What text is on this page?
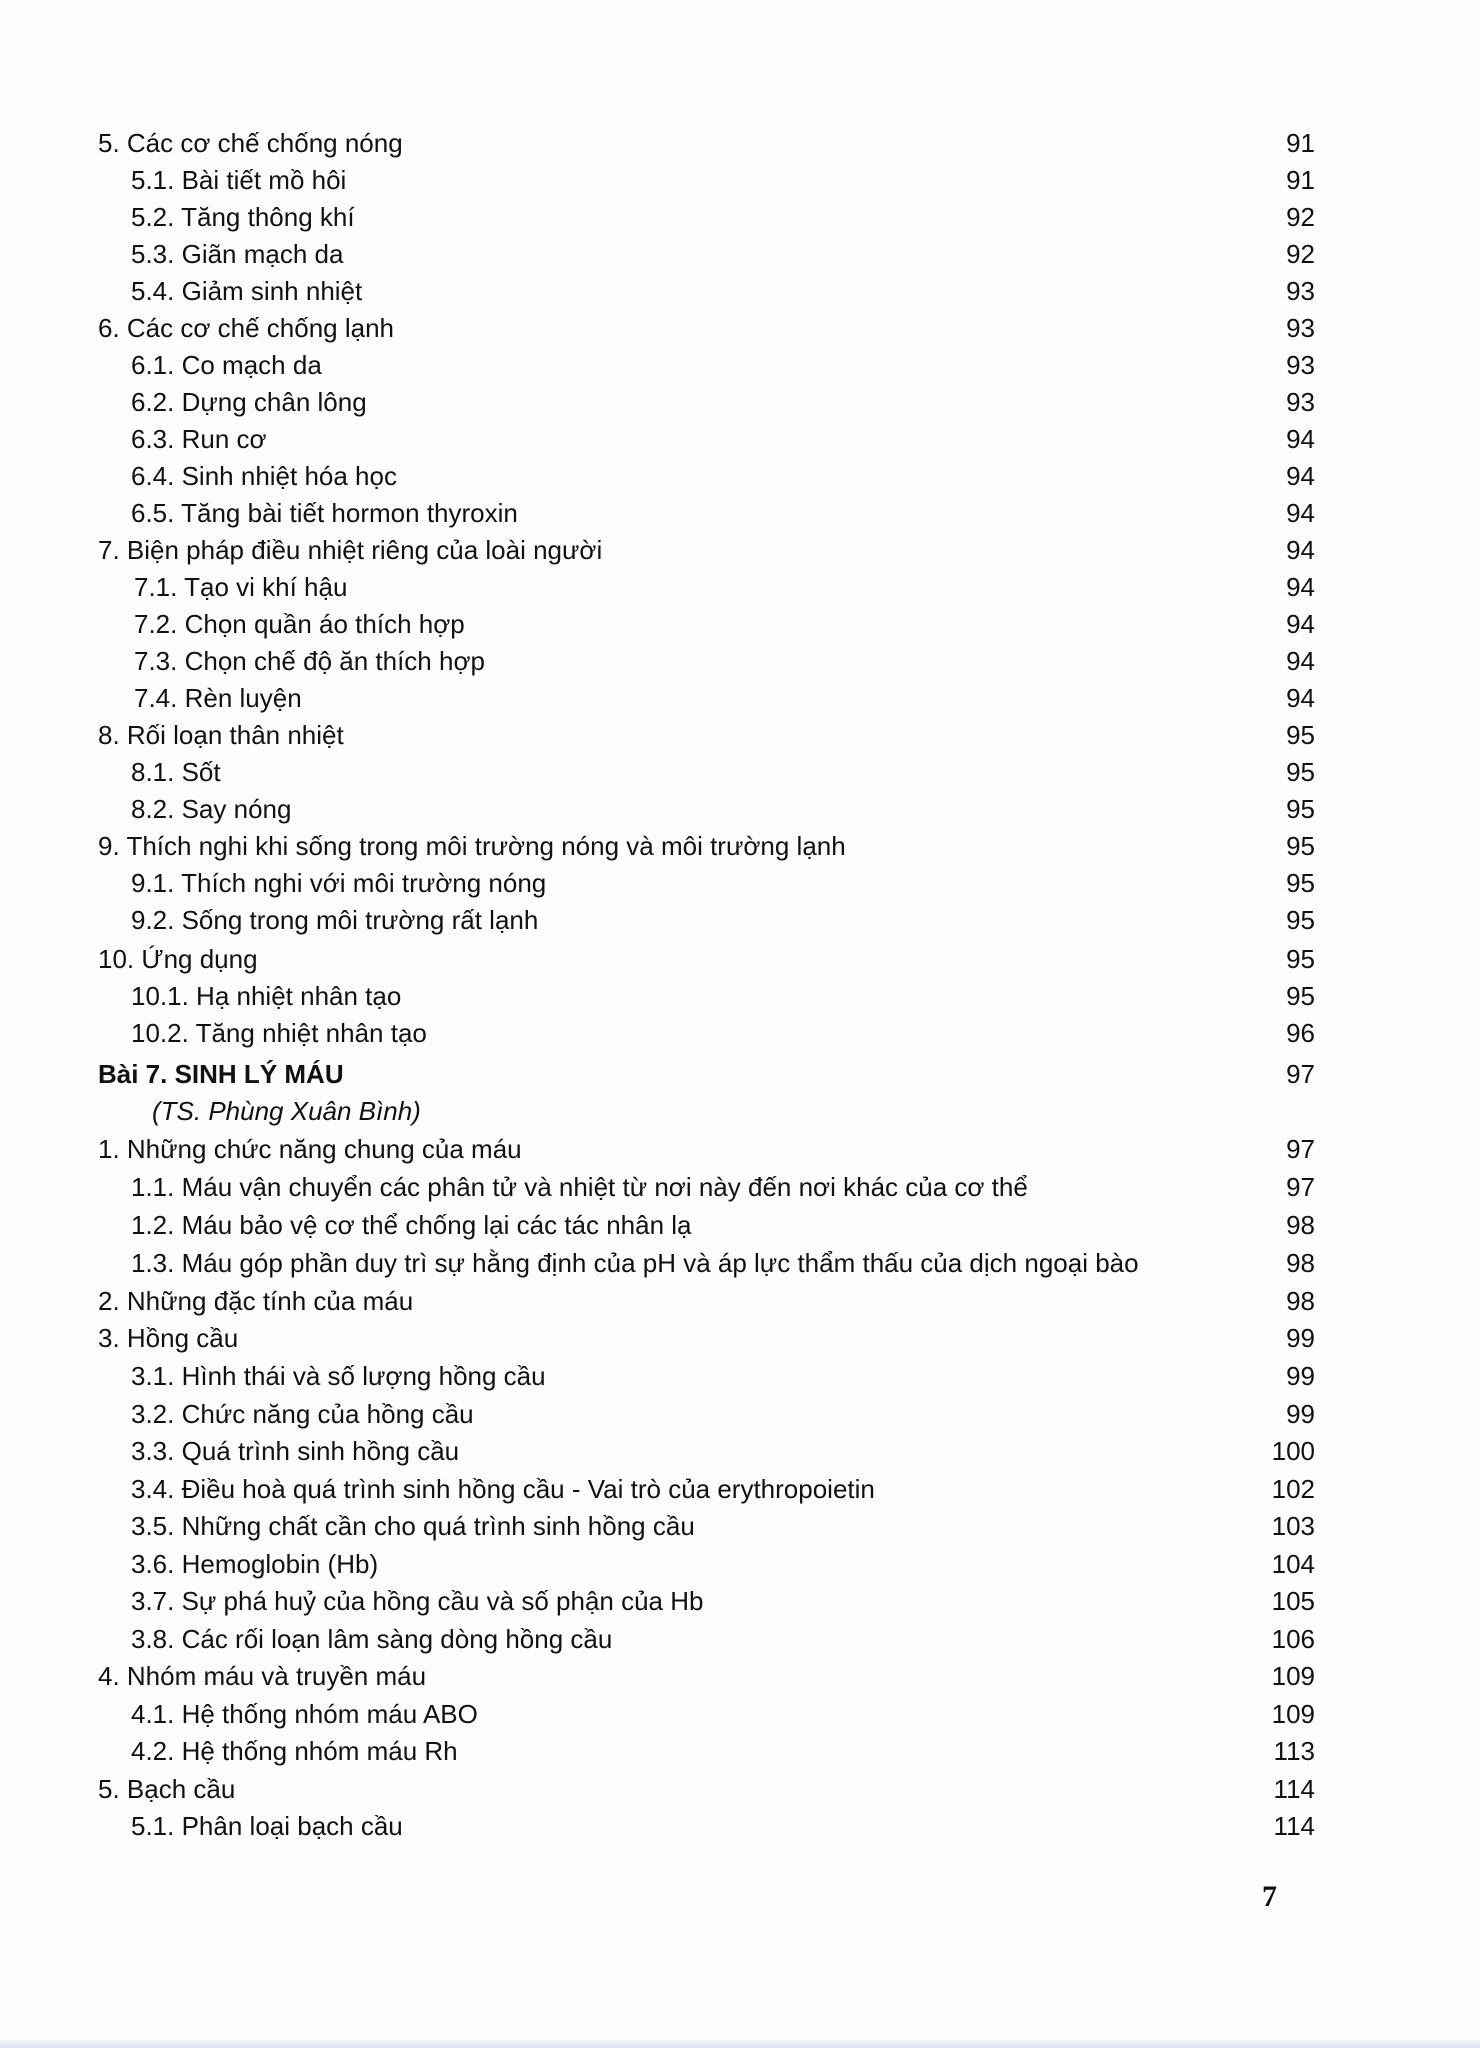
5. Các cơ chế chống nóng	91
5.1. Bài tiết mồ hôi	91
5.2. Tăng thông khí	92
5.3. Giãn mạch da	92
5.4. Giảm sinh nhiệt	93
6. Các cơ chế chống lạnh	93
6.1. Co mạch da	93
6.2. Dựng chân lông	93
6.3. Run cơ	94
6.4. Sinh nhiệt hóa học	94
6.5. Tăng bài tiết hormon thyroxin	94
7. Biện pháp điều nhiệt riêng của loài người	94
7.1. Tạo vi khí hậu	94
7.2. Chọn quần áo thích hợp	94
7.3. Chọn chế độ ăn thích hợp	94
7.4. Rèn luyện	94
8. Rối loạn thân nhiệt	95
8.1. Sốt	95
8.2. Say nóng	95
9. Thích nghi khi sống trong môi trường nóng và môi trường lạnh	95
9.1. Thích nghi với môi trường nóng	95
9.2. Sống trong môi trường rất lạnh	95
10. Ứng dụng	95
10.1. Hạ nhiệt nhân tạo	95
10.2. Tăng nhiệt nhân tạo	96
Bài 7. SINH LÝ MÁU	97
(TS. Phùng Xuân Bình)
1. Những chức năng chung của máu	97
1.1. Máu vận chuyển các phân tử và nhiệt từ nơi này đến nơi khác của cơ thể	97
1.2. Máu bảo vệ cơ thể chống lại các tác nhân lạ	98
1.3. Máu góp phần duy trì sự hằng định của pH và áp lực thẩm thấu của dịch ngoại bào	98
2. Những đặc tính của máu	98
3. Hồng cầu	99
3.1. Hình thái và số lượng hồng cầu	99
3.2. Chức năng của hồng cầu	99
3.3. Quá trình sinh hồng cầu	100
3.4. Điều hoà quá trình sinh hồng cầu - Vai trò của erythropoietin	102
3.5. Những chất cần cho quá trình sinh hồng cầu	103
3.6. Hemoglobin (Hb)	104
3.7. Sự phá huỷ của hồng cầu và số phận của Hb	105
3.8. Các rối loạn lâm sàng dòng hồng cầu	106
4. Nhóm máu và truyền máu	109
4.1. Hệ thống nhóm máu ABO	109
4.2. Hệ thống nhóm máu Rh	113
5. Bạch cầu	114
5.1. Phân loại bạch cầu	114
7
